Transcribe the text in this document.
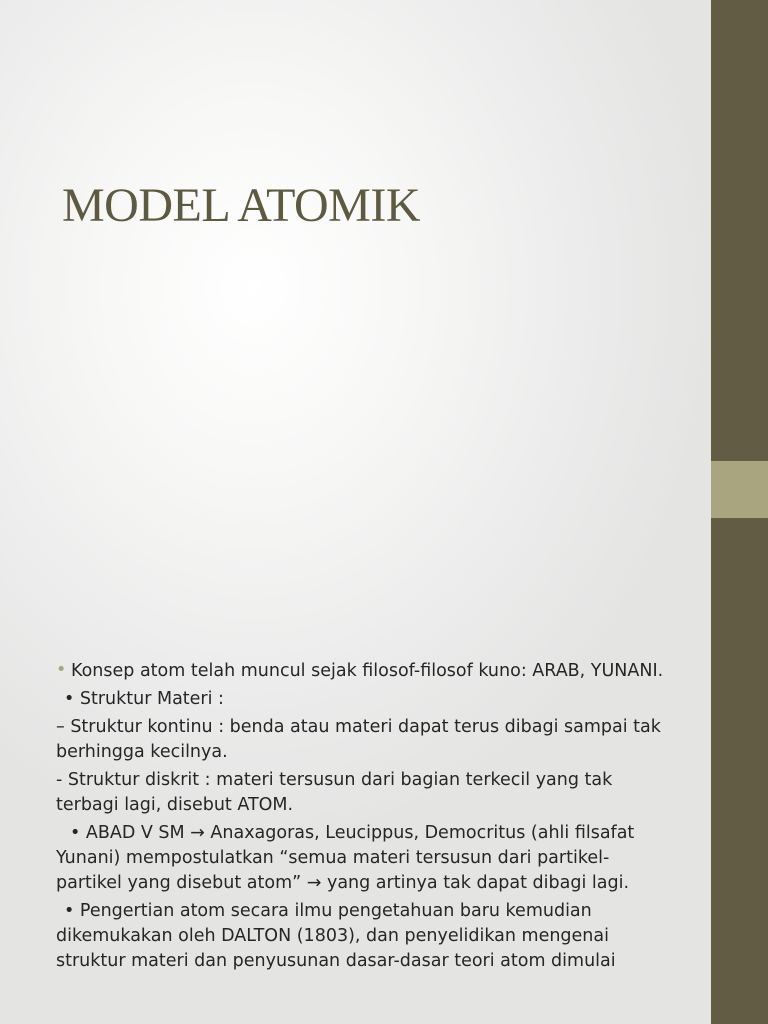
MODEL ATOMIK

• Konsep atom telah muncul sejak filosof-filosof kuno: ARAB, YUNANI.

• Struktur Materi :

– Struktur kontinu : benda atau materi dapat terus dibagi sampai tak berhingga kecilnya.

- Struktur diskrit : materi tersusun dari bagian terkecil yang tak terbagi lagi, disebut ATOM.

• ABAD V SM → Anaxagoras, Leucippus, Democritus (ahli filsafat Yunani) mempostulatkan “semua materi tersusun dari partikel-partikel yang disebut atom” → yang artinya tak dapat dibagi lagi.

• Pengertian atom secara ilmu pengetahuan baru kemudian dikemukakan oleh DALTON (1803), dan penyelidikan mengenai struktur materi dan penyusunan dasar-dasar teori atom dimulai
